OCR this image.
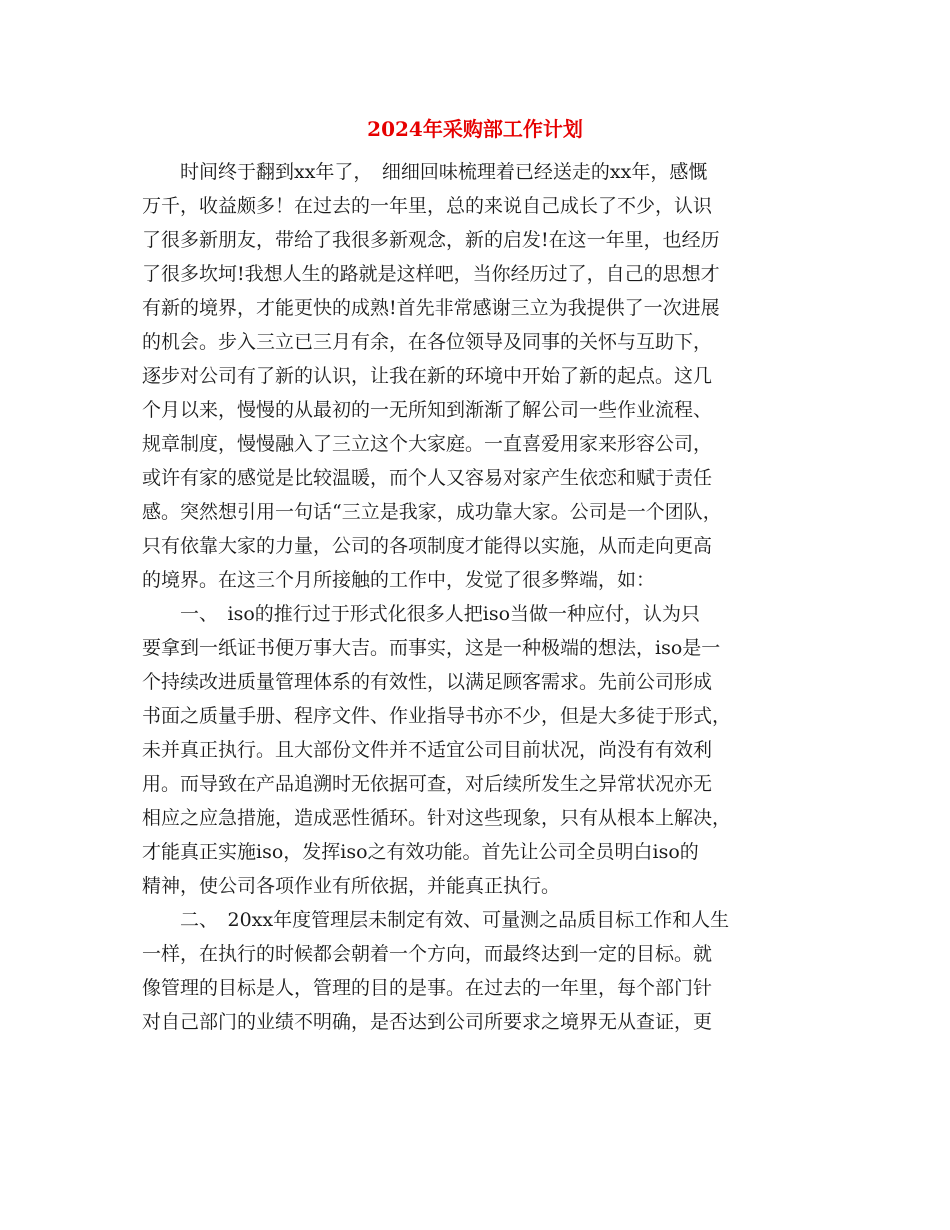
2024年采购部工作计划

　　时间终于翻到xx年了，　细细回味梳理着已经送走的xx年，感慨

万千，收益颇多！在过去的一年里，总的来说自己成长了不少，认识

了很多新朋友，带给了我很多新观念，新的启发!在这一年里，也经历

了很多坎坷!我想人生的路就是这样吧，当你经历过了，自己的思想才

有新的境界，才能更快的成熟!首先非常感谢三立为我提供了一次进展

的机会。步入三立已三月有余，在各位领导及同事的关怀与互助下，

逐步对公司有了新的认识，让我在新的环境中开始了新的起点。这几

个月以来，慢慢的从最初的一无所知到渐渐了解公司一些作业流程、

规章制度，慢慢融入了三立这个大家庭。一直喜爱用家来形容公司，

或许有家的感觉是比较温暖，而个人又容易对家产生依恋和赋于责任

感。突然想引用一句话“三立是我家，成功靠大家。公司是一个团队，

只有依靠大家的力量，公司的各项制度才能得以实施，从而走向更高

的境界。在这三个月所接触的工作中，发觉了很多弊端，如：

　　一、　iso的推行过于形式化很多人把iso当做一种应付，认为只

要拿到一纸证书便万事大吉。而事实，这是一种极端的想法，iso是一

个持续改进质量管理体系的有效性，以满足顾客需求。先前公司形成

书面之质量手册、程序文件、作业指导书亦不少，但是大多徒于形式，

未并真正执行。且大部份文件并不适宜公司目前状况，尚没有有效利

用。而导致在产品追溯时无依据可查，对后续所发生之异常状况亦无

相应之应急措施，造成恶性循环。针对这些现象，只有从根本上解决，

才能真正实施iso，发挥iso之有效功能。首先让公司全员明白iso的

精神，使公司各项作业有所依据，并能真正执行。

　　二、　20xx年度管理层未制定有效、可量测之品质目标工作和人生

一样，在执行的时候都会朝着一个方向，而最终达到一定的目标。就

像管理的目标是人，管理的目的是事。在过去的一年里，每个部门针

对自己部门的业绩不明确，是否达到公司所要求之境界无从查证，更
